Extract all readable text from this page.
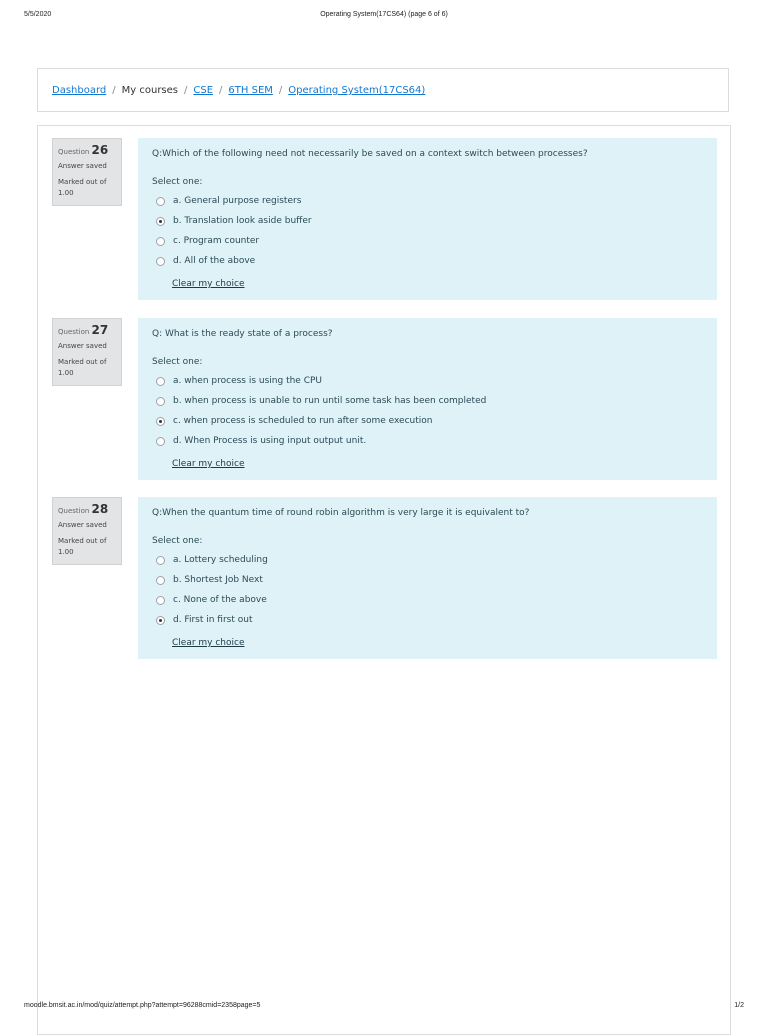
5/5/2020	Operating System(17CS64) (page 6 of 6)
Dashboard / My courses / CSE / 6TH SEM / Operating System(17CS64)
Question 26
Answer saved
Marked out of 1.00
Q:Which of the following need not necessarily be saved on a context switch between processes?
Select one:
a. General purpose registers
b. Translation look aside buffer
c. Program counter
d. All of the above
Clear my choice
Question 27
Answer saved
Marked out of 1.00
Q: What is the ready state of a process?
Select one:
a. when process is using the CPU
b. when process is unable to run until some task has been completed
c. when process is scheduled to run after some execution
d. When Process is using input output unit.
Clear my choice
Question 28
Answer saved
Marked out of 1.00
Q:When the quantum time of round robin algorithm is very large it is equivalent to?
Select one:
a. Lottery scheduling
b. Shortest Job Next
c. None of the above
d. First in first out
Clear my choice
moodle.bmsit.ac.in/mod/quiz/attempt.php?attempt=96288cmid=2358page=5	1/2
